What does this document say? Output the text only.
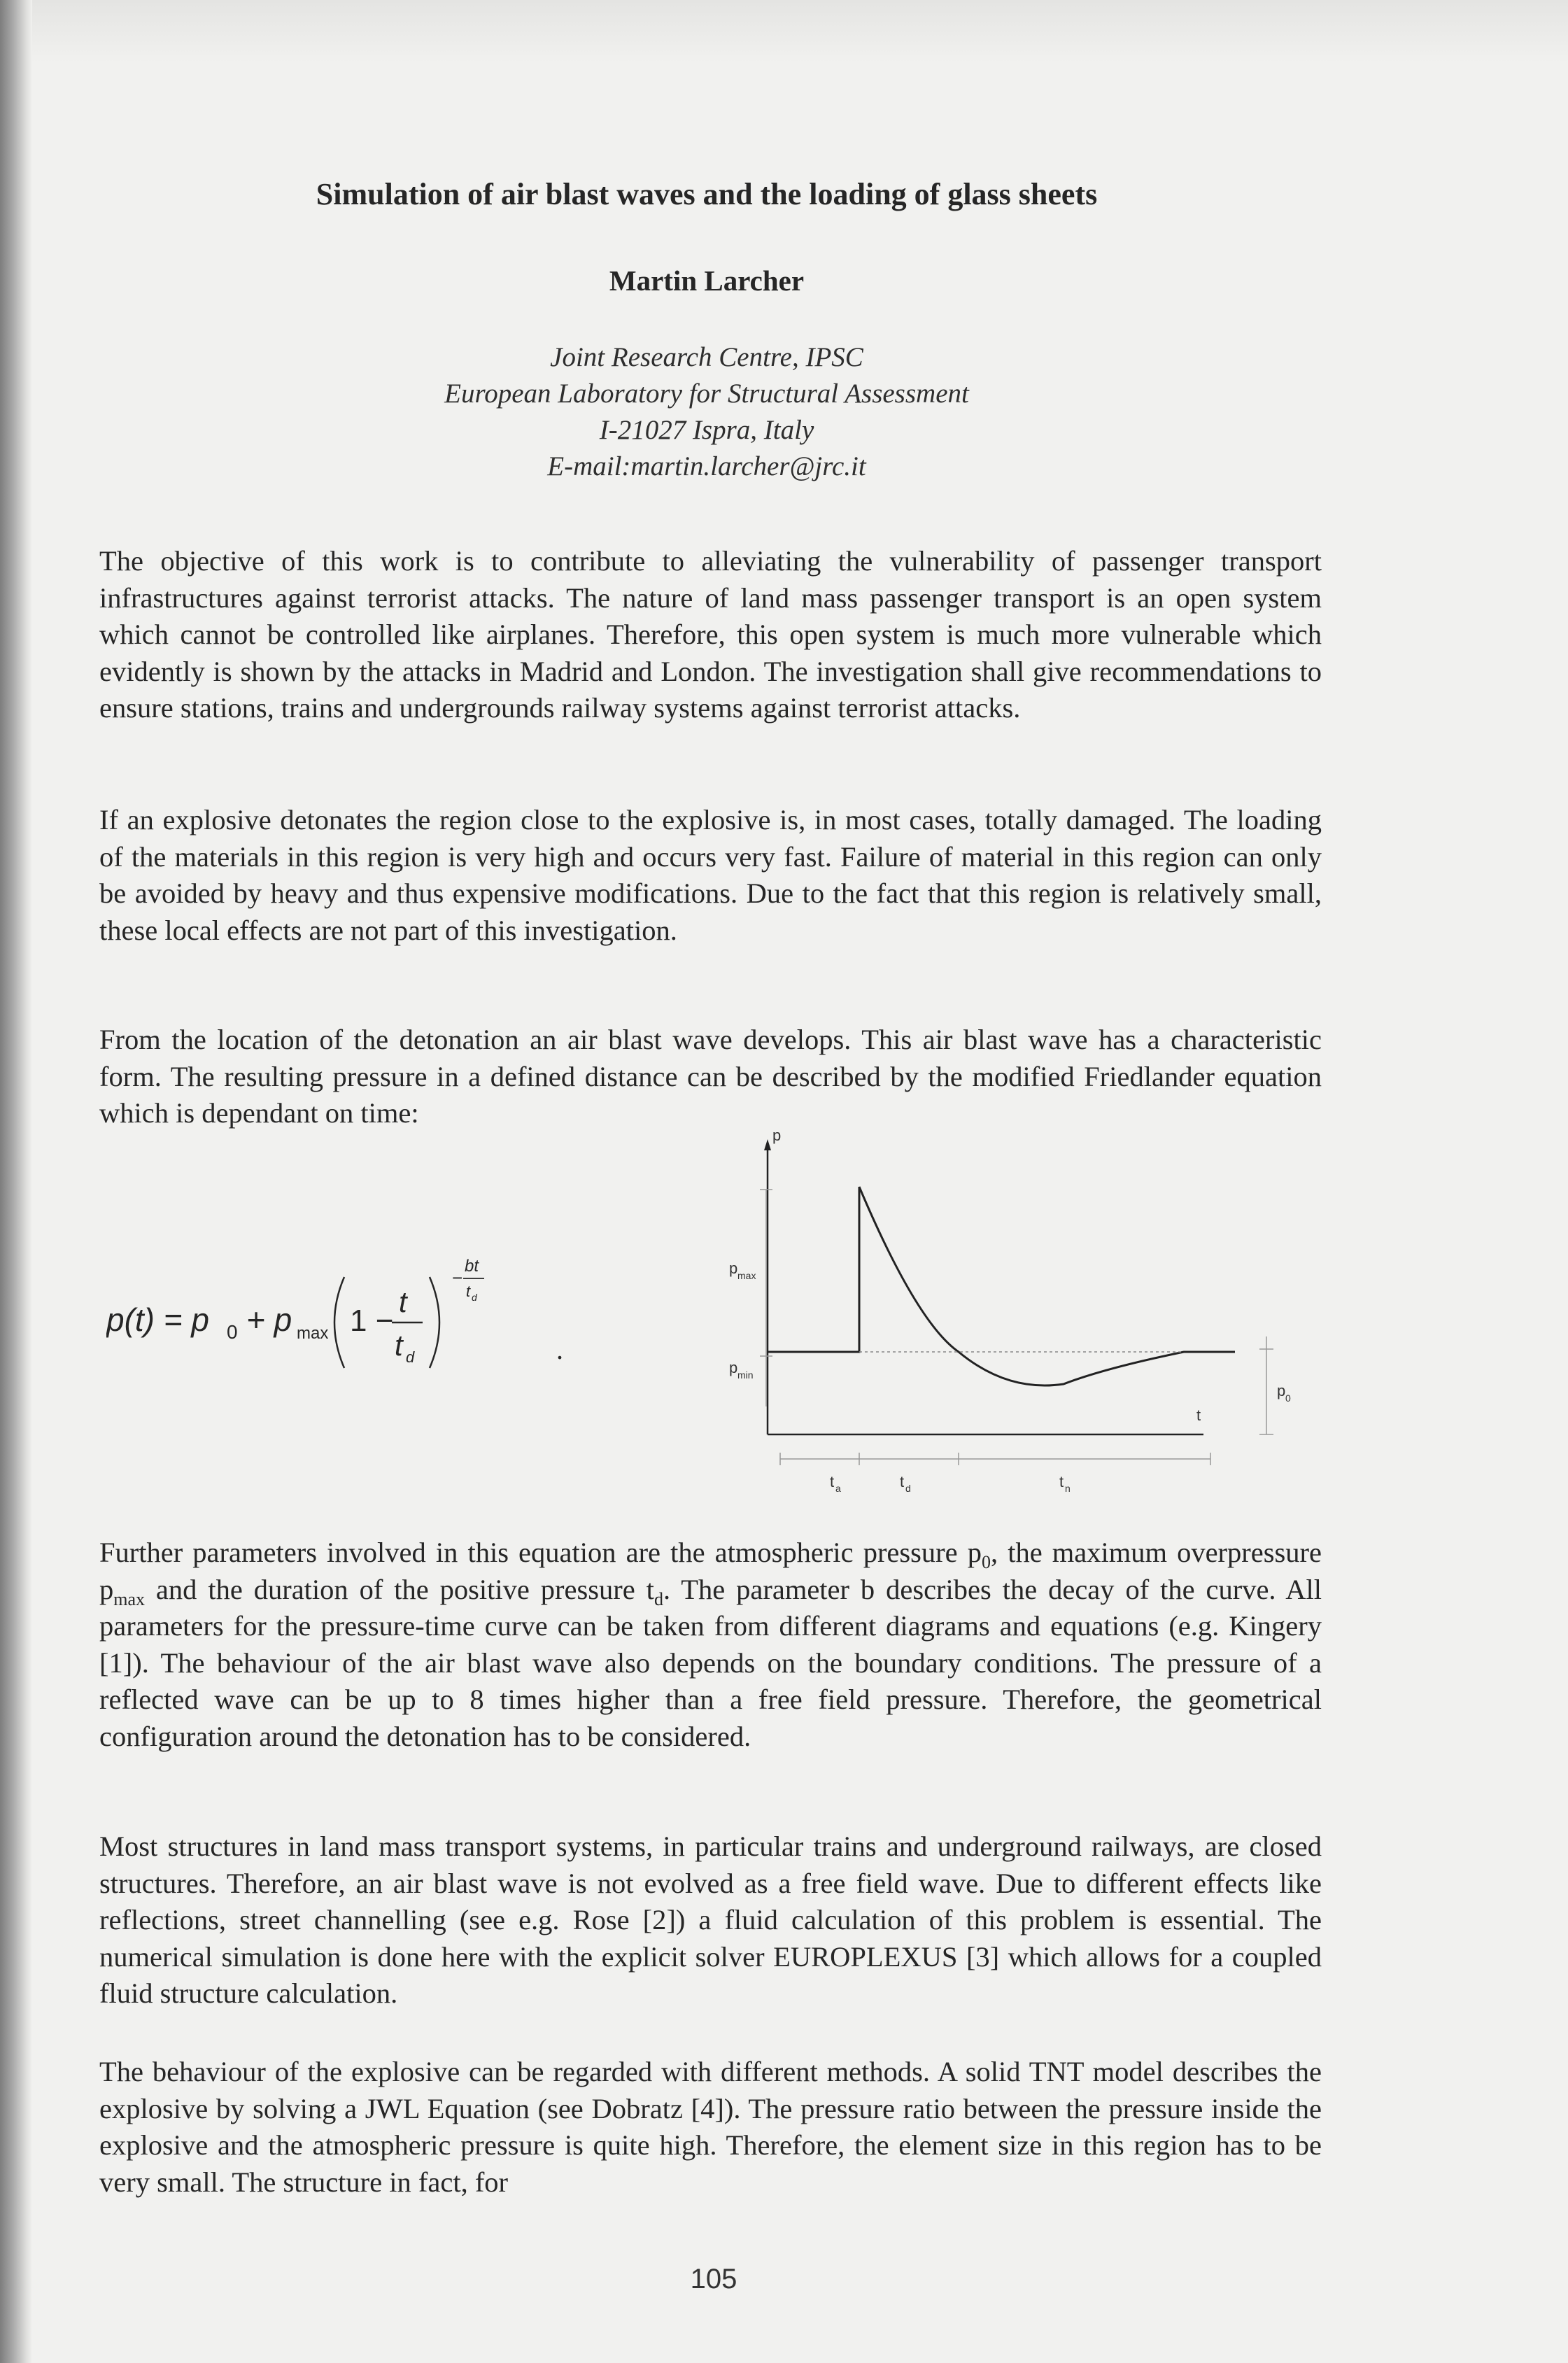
Simulation of air blast waves and the loading of glass sheets
Martin Larcher
Joint Research Centre, IPSC
European Laboratory for Structural Assessment
I-21027 Ispra, Italy
E-mail:martin.larcher@jrc.it

The objective of this work is to contribute to alleviating the vulnerability of passenger transport infrastructures against terrorist attacks. The nature of land mass passenger transport is an open system which cannot be controlled like airplanes. Therefore, this open system is much more vulnerable which evidently is shown by the attacks in Madrid and London. The investigation shall give recommendations to ensure stations, trains and undergrounds railway systems against terrorist attacks.

If an explosive detonates the region close to the explosive is, in most cases, totally damaged. The loading of the materials in this region is very high and occurs very fast. Failure of material in this region can only be avoided by heavy and thus expensive modifications. Due to the fact that this region is relatively small, these local effects are not part of this investigation.

From the location of the detonation an air blast wave develops. This air blast wave has a characteristic form. The resulting pressure in a defined distance can be described by the modified Friedlander equation which is dependant on time:

p(t) = p 0 + p max 1 −
t
t d
−
bt
t d
.
p
t
p max
p min
p 0
t a	t d	t n

Further parameters involved in this equation are the atmospheric pressure $p_0$, the maximum overpressure $p_{max}$ and the duration of the positive pressure $t_d$. The parameter b describes the decay of the curve. All parameters for the pressure-time curve can be taken from different diagrams and equations (e.g. Kingery [1]). The behaviour of the air blast wave also depends on the boundary conditions. The pressure of a reflected wave can be up to 8 times higher than a free field pressure. Therefore, the geometrical configuration around the detonation has to be considered.

Most structures in land mass transport systems, in particular trains and underground railways, are closed structures. Therefore, an air blast wave is not evolved as a free field wave. Due to different effects like reflections, street channelling (see e.g. Rose [2]) a fluid calculation of this problem is essential. The numerical simulation is done here with the explicit solver EUROPLEXUS [3] which allows for a coupled fluid structure calculation.

The behaviour of the explosive can be regarded with different methods. A solid TNT model describes the explosive by solving a JWL Equation (see Dobratz [4]). The pressure ratio between the pressure inside the explosive and the atmospheric pressure is quite high. Therefore, the element size in this region has to be very small. The structure in fact, for

105
